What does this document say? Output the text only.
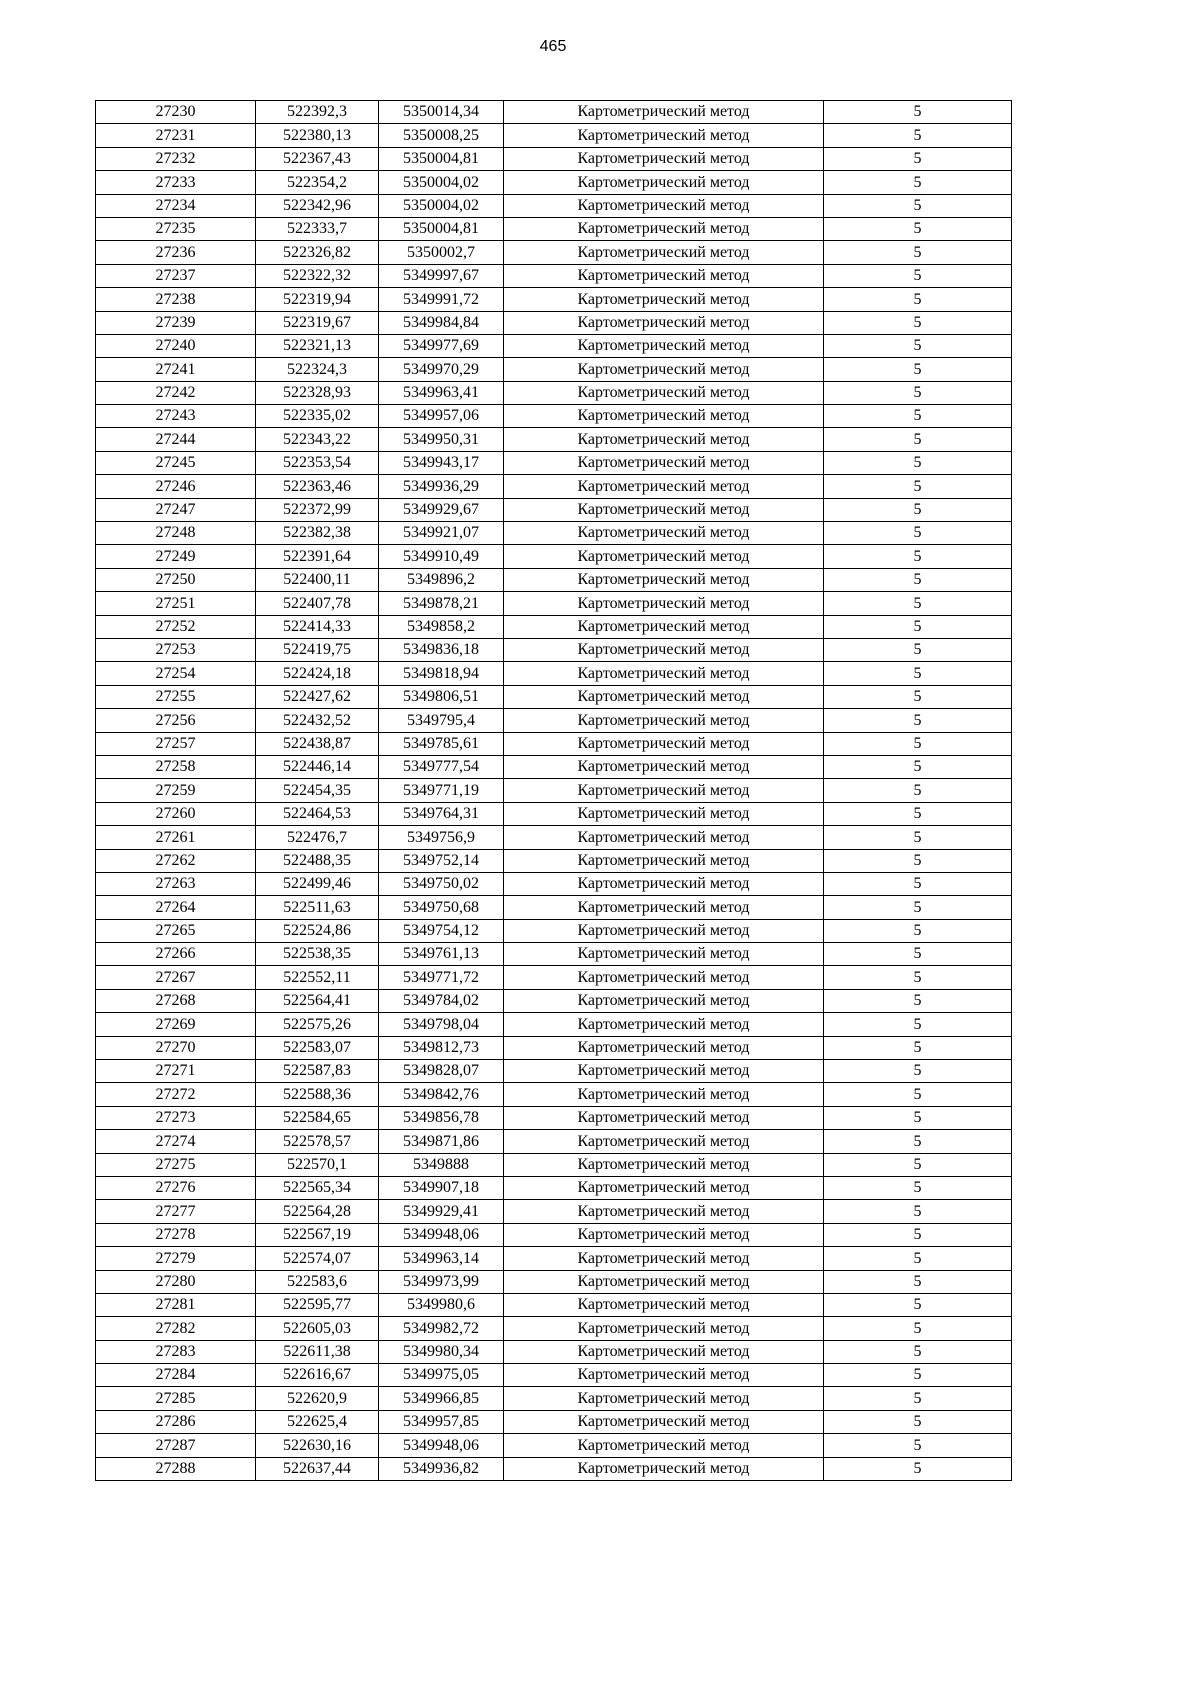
465
27230	522392,3	5350014,34	Картометрический метод	5
27231	522380,13	5350008,25	Картометрический метод	5
27232	522367,43	5350004,81	Картометрический метод	5
27233	522354,2	5350004,02	Картометрический метод	5
27234	522342,96	5350004,02	Картометрический метод	5
27235	522333,7	5350004,81	Картометрический метод	5
27236	522326,82	5350002,7	Картометрический метод	5
27237	522322,32	5349997,67	Картометрический метод	5
27238	522319,94	5349991,72	Картометрический метод	5
27239	522319,67	5349984,84	Картометрический метод	5
27240	522321,13	5349977,69	Картометрический метод	5
27241	522324,3	5349970,29	Картометрический метод	5
27242	522328,93	5349963,41	Картометрический метод	5
27243	522335,02	5349957,06	Картометрический метод	5
27244	522343,22	5349950,31	Картометрический метод	5
27245	522353,54	5349943,17	Картометрический метод	5
27246	522363,46	5349936,29	Картометрический метод	5
27247	522372,99	5349929,67	Картометрический метод	5
27248	522382,38	5349921,07	Картометрический метод	5
27249	522391,64	5349910,49	Картометрический метод	5
27250	522400,11	5349896,2	Картометрический метод	5
27251	522407,78	5349878,21	Картометрический метод	5
27252	522414,33	5349858,2	Картометрический метод	5
27253	522419,75	5349836,18	Картометрический метод	5
27254	522424,18	5349818,94	Картометрический метод	5
27255	522427,62	5349806,51	Картометрический метод	5
27256	522432,52	5349795,4	Картометрический метод	5
27257	522438,87	5349785,61	Картометрический метод	5
27258	522446,14	5349777,54	Картометрический метод	5
27259	522454,35	5349771,19	Картометрический метод	5
27260	522464,53	5349764,31	Картометрический метод	5
27261	522476,7	5349756,9	Картометрический метод	5
27262	522488,35	5349752,14	Картометрический метод	5
27263	522499,46	5349750,02	Картометрический метод	5
27264	522511,63	5349750,68	Картометрический метод	5
27265	522524,86	5349754,12	Картометрический метод	5
27266	522538,35	5349761,13	Картометрический метод	5
27267	522552,11	5349771,72	Картометрический метод	5
27268	522564,41	5349784,02	Картометрический метод	5
27269	522575,26	5349798,04	Картометрический метод	5
27270	522583,07	5349812,73	Картометрический метод	5
27271	522587,83	5349828,07	Картометрический метод	5
27272	522588,36	5349842,76	Картометрический метод	5
27273	522584,65	5349856,78	Картометрический метод	5
27274	522578,57	5349871,86	Картометрический метод	5
27275	522570,1	5349888	Картометрический метод	5
27276	522565,34	5349907,18	Картометрический метод	5
27277	522564,28	5349929,41	Картометрический метод	5
27278	522567,19	5349948,06	Картометрический метод	5
27279	522574,07	5349963,14	Картометрический метод	5
27280	522583,6	5349973,99	Картометрический метод	5
27281	522595,77	5349980,6	Картометрический метод	5
27282	522605,03	5349982,72	Картометрический метод	5
27283	522611,38	5349980,34	Картометрический метод	5
27284	522616,67	5349975,05	Картометрический метод	5
27285	522620,9	5349966,85	Картометрический метод	5
27286	522625,4	5349957,85	Картометрический метод	5
27287	522630,16	5349948,06	Картометрический метод	5
27288	522637,44	5349936,82	Картометрический метод	5
